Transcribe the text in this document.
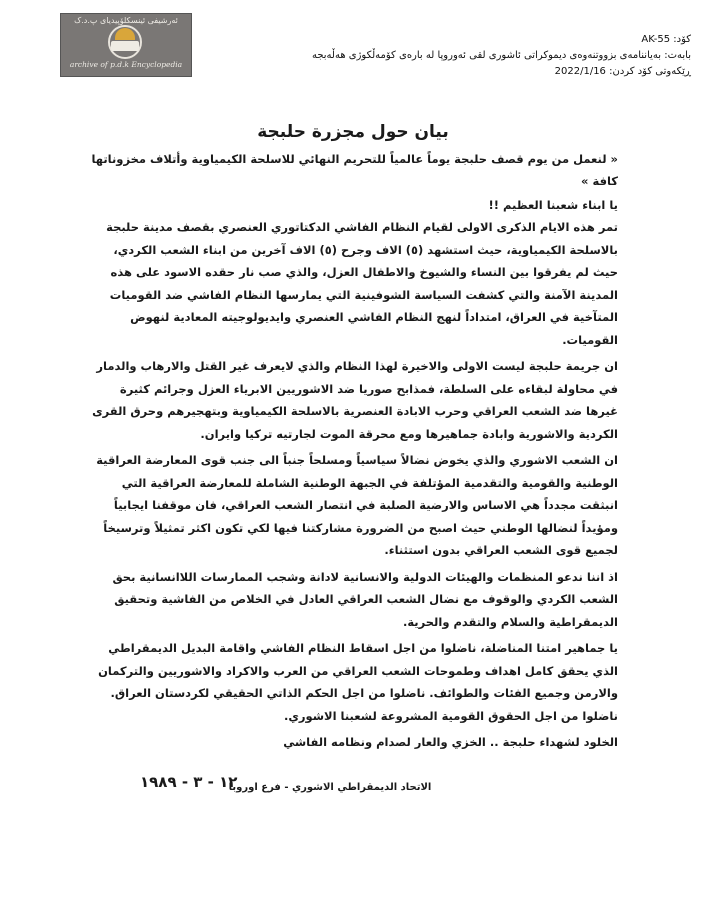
ئەرشیفی ئینسکلۆپیدیای پ.د.ک
archive of p.d.k Encyclopedia
کۆد: AK-55
بابەت: بەیاننامەی بزووتنەوەی دیموکراتی ئاشوری لقی ئەوروپا لە بارەی کۆمەڵکوژی هەڵەبجە
ڕێکەوتی کۆد کردن: 2022/1/16
بيان حول مجزرة حلبجة
« لنعمل من يوم قصف حلبجة يوماً عالمياً للتحريم النهائي للاسلحة الكيمياوية وأتلاف مخزوناتها كافة »
يا ابناء شعبنا العظيم !!
تمر هذه الايام الذكرى الاولى لقيام النظام الفاشي الدكتاتوري العنصري بقصف مدينة حلبجة بالاسلحة الكيمياوية، حيث استشهد (٥) الاف وجرح (٥) الاف آخرين من ابناء الشعب الكردي، حيث لم يفرقوا بين النساء والشيوخ والاطفال العزل، والذي صب نار حقده الاسود على هذه المدينة الآمنة والتي كشفت السياسة الشوفينية التي يمارسها النظام الفاشي ضد القوميات المتآخية في العراق، امتداداً لنهج النظام الفاشي العنصري وايديولوجيته المعادية لنهوض القوميات.
ان جريمة حلبجة ليست الاولى والاخيرة لهذا النظام والذي لايعرف غير القتل والارهاب والدمار في محاولة لبقاءه على السلطة، فمذابح صوريا ضد الاشوريين الابرياء العزل وجرائم كثيرة غيرها ضد الشعب العراقي وحرب الابادة العنصرية بالاسلحة الكيمياوية وبتهجيرهم وحرق القرى الكردية والاشورية وابادة جماهيرها ومع محرقة الموت لجارتيه تركيا وايران.
ان الشعب الاشوري والذي يخوض نضالاً سياسياً ومسلحاً جنباً الى جنب قوى المعارضة العراقية الوطنية والقومية والتقدمية المؤتلفة في الجبهة الوطنية الشاملة للمعارضة العراقية التي انبثقت مجدداً هي الاساس والارضية الصلبة في انتصار الشعب العراقي، فان موقفنا ايجابياً ومؤيداً لنضالها الوطني حيث اصبح من الضرورة مشاركتنا فيها لكي تكون اكثر تمثيلاً وترسيخاً لجميع قوى الشعب العراقي بدون استثناء.
اذ اننا ندعو المنظمات والهيئات الدولية والانسانية لادانة وشجب الممارسات اللاانسانية بحق الشعب الكردي والوقوف مع نضال الشعب العراقي العادل في الخلاص من الفاشية وتحقيق الديمقراطية والسلام والتقدم والحرية.
يا جماهير امتنا المناضلة، ناضلوا من اجل اسقاط النظام الفاشي واقامة البديل الديمقراطي الذي يحقق كامل اهداف وطموحات الشعب العراقي من العرب والاكراد والاشوريين والتركمان والارمن وجميع الفئات والطوائف. ناضلوا من اجل الحكم الذاتي الحقيقي لكردستان العراق. ناضلوا من اجل الحقوق القومية المشروعة لشعبنا الاشوري.
الخلود لشهداء حلبجة .. الخزي والعار لصدام ونظامه الفاشي
١٢ - ٣ - ١٩٨٩
الاتحاد الديمقراطي الاشوري - فرع اوروبا
